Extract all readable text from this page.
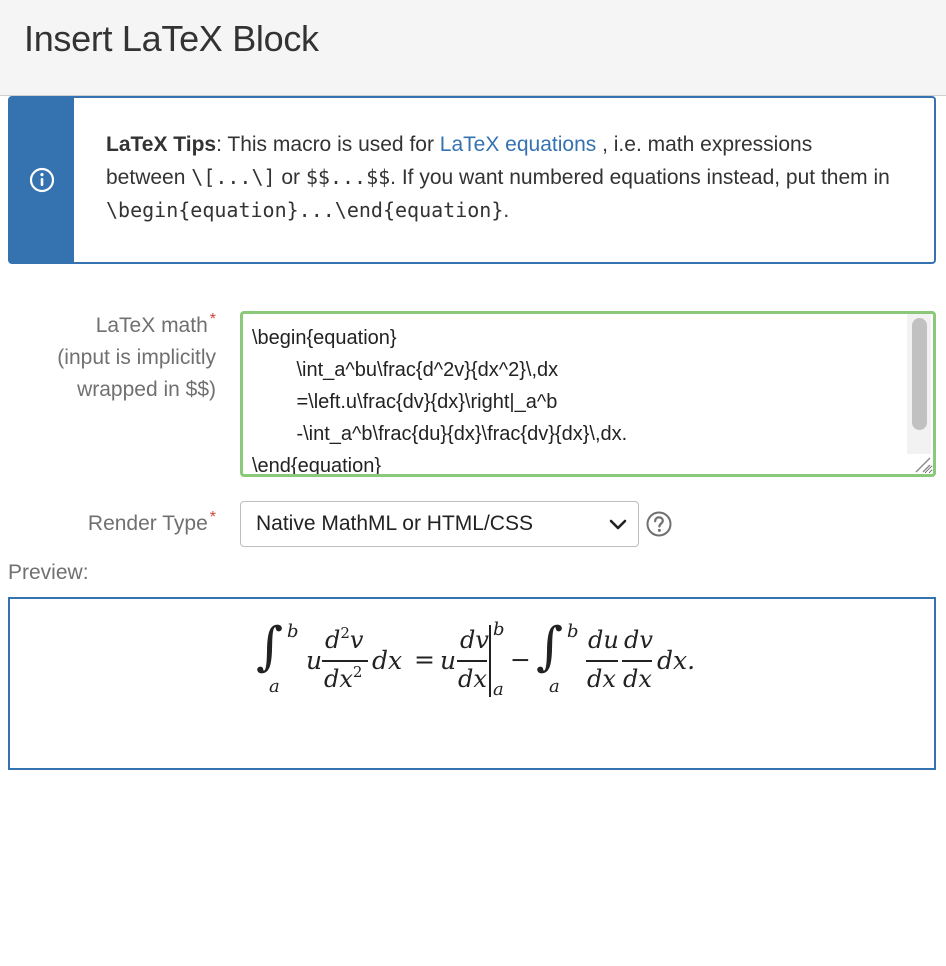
Insert LaTeX Block
LaTeX Tips: This macro is used for LaTeX equations , i.e. math expressions between \[...\] or $$...$$. If you want numbered equations instead, put them in \begin{equation}...\end{equation}.
LaTeX math *
(input is implicitly wrapped in $$)
\begin{equation} \int_a^bu\frac{d^2v}{dx^2}\,dx =\left.u\frac{dv}{dx}\right|_a^b -\int_a^b\frac{du}{dx}\frac{dv}{dx}\,dx. \end{equation}
Render Type *	Native MathML or HTML/CSS
Preview:
∫ b
a
u
$d^2v$
$dx^2$ dx = u
dv
dx
b
a
− ∫ b
a
du
dx
dv
dx
dx.
